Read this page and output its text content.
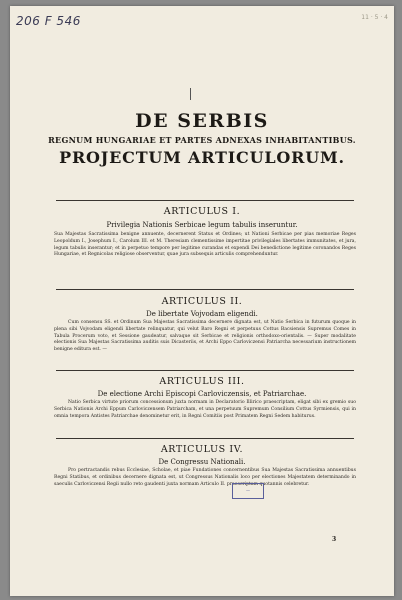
206 F 546	11 · 5 · 4
DE SERBIS
REGNUM HUNGARIAE ET PARTES ADNEXAS INHABITANTIBUS.
PROJECTUM ARTICULORUM.
ARTICULUS I.
Privilegia Nationis Serbicae legum tabulis inseruntur.
Sua Majestas Sacratissima benigne annuente, decernerent Status et Ordines; ut Nationi Serbicae per pias memoriae Reges Leopoldum I., Josephum I., Carolum III. et M. Theresiam clementissime impertitae privilegiales libertates immunitates, et jura, legum tabulis inserantur; et in perpetuo tempore per legitime curandas et expendi Dei benedictione legitime coronandos Reges Hungariae, et Regnicolas religiose observentur, quae jura subsequis articulis comprehenduntur.
ARTICULUS II.
De libertate Vojvodam eligendi.
Cum consensu SS. et Ordinum Sua Majestas Sacratissima decernere dignata est, ut Natio Serbica in futurum quoque in plena sibi Vojvodam eligendi libertate relinquatur, qui velut Baro Regni et perpetuus Cottus Bacsiensis Supremus Comes in Tabula Procerum voto, et Sessione gaudeatur, salvaque sit Serbicae et religionis orthodoxo-orientalis. — Super modalitate electionis Sua Majestas Sacratissima auditis suis Dicasteriis, et Archi Eppo Carloviczensi Patriarcha necessarium instructionem benigne editura est. —
ARTICULUS III.
De electione Archi Episcopi Carloviczensis, et Patriarchae.
Natio Serbica virtute priorum concessionum juxta normam in Declaratorio Illirico praescriptam, eligat sibi ex gremio suo Serbica Nationis Archi Eppum Carloviczensem Patriarcham, et una perpetuum Supremum Consilium Cottus Syrmiensis, qui in omnia tempora Antistes Patriarchae denominetur erit, in Regni Comitiis post Primatem Regni Sedem habiturus.
ARTICULUS IV.
De Congressu Nationali.
Pro pertractandis rebus Ecclesiae, Scholae, et piae Fundationes concernentibus Sua Majestas Sacratissima annuentibus Regni Statibus, et ordinibus decernere dignata est, ut Congressus Nationalis loco per electiones Majestatem determinando in saeculis Carloviczensi Regii nullo reto gaudenti juxta normam Articulo II. praescriptam quotannis celebretur.
—
3
